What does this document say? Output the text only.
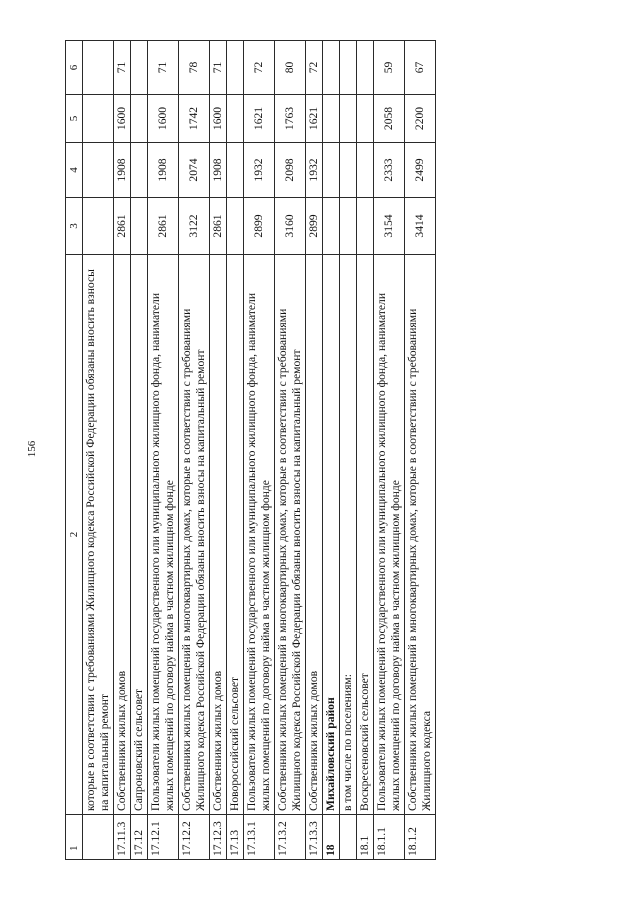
156
1	2	3	4	5	6
	которые в соответствии с требованиями Жилищного кодекса Российской Федерации обязаны вносить взносы на капитальный ремонт				
17.11.3	Собственники жилых домов	2861	1908	1600	71
17.12	Сапроновский сельсовет				
17.12.1	Пользователи жилых помещений государственного или муниципального жилищного фонда, наниматели жилых помещений по договору найма в частном жилищном фонде	2861	1908	1600	71
17.12.2	Собственники жилых помещений в многоквартирных домах, которые в соответствии с требованиями Жилищного кодекса Российской Федерации обязаны вносить взносы на капитальный ремонт	3122	2074	1742	78
17.12.3	Собственники жилых домов	2861	1908	1600	71
17.13	Новороссийский сельсовет				
17.13.1	Пользователи жилых помещений государственного или муниципального жилищного фонда, наниматели жилых помещений по договору найма в частном жилищном фонде	2899	1932	1621	72
17.13.2	Собственники жилых помещений в многоквартирных домах, которые в соответствии с требованиями Жилищного кодекса Российской Федерации обязаны вносить взносы на капитальный ремонт	3160	2098	1763	80
17.13.3	Собственники жилых домов	2899	1932	1621	72
18	Михайловский район				
	в том числе по поселениям:				
18.1	Воскресеновский сельсовет				
18.1.1	Пользователи жилых помещений государственного или муниципального жилищного фонда, наниматели жилых помещений по договору найма в частном жилищном фонде	3154	2333	2058	59
18.1.2	Собственники жилых помещений в многоквартирных домах, которые в соответствии с требованиями Жилищного кодекса	3414	2499	2200	67
